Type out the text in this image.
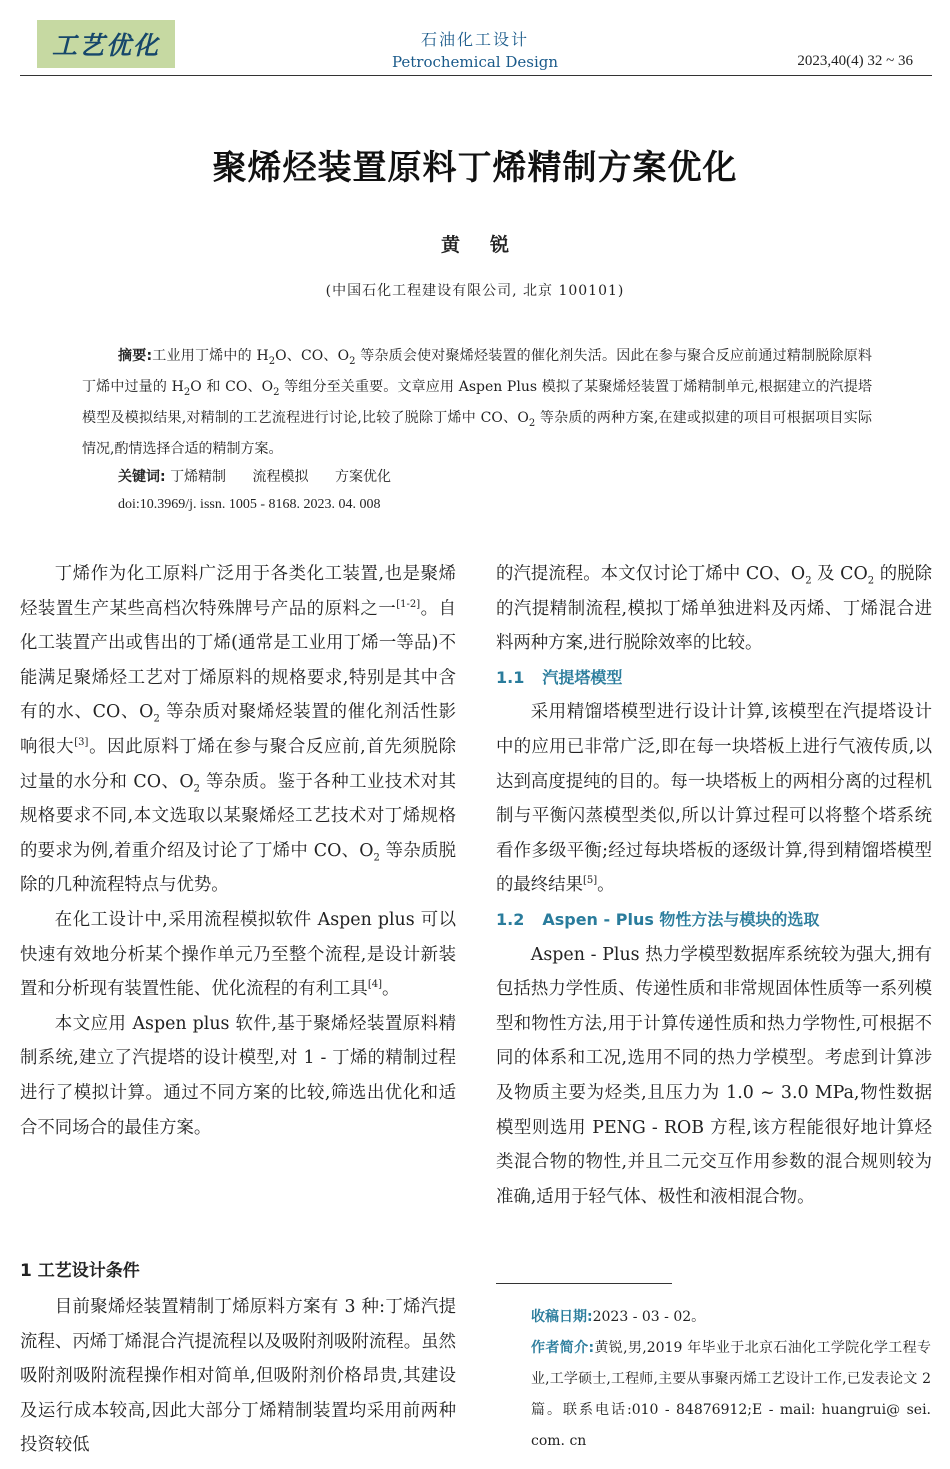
工艺优化	石油化工设计
Petrochemical Design	2023,40(4) 32 ~ 36
聚烯烃装置原料丁烯精制方案优化
黄锐
(中国石化工程建设有限公司, 北京 100101)
摘要:工业用丁烯中的 $H_2O$、CO、$O_2$ 等杂质会使对聚烯烃装置的催化剂失活。因此在参与聚合反应前通过精制脱除原料丁烯中过量的 $H_2O$ 和 CO、$O_2$ 等组分至关重要。文章应用 Aspen Plus 模拟了某聚烯烃装置丁烯精制单元,根据建立的汽提塔模型及模拟结果,对精制的工艺流程进行讨论,比较了脱除丁烯中 CO、$O_2$ 等杂质的两种方案,在建或拟建的项目可根据项目实际情况,酌情选择合适的精制方案。
关键词: 丁烯精制 流程模拟 方案优化
doi:10.3969/j. issn. 1005 - 8168. 2023. 04. 008

丁烯作为化工原料广泛用于各类化工装置,也是聚烯烃装置生产某些高档次特殊牌号产品的原料之一[1-2]。自化工装置产出或售出的丁烯(通常是工业用丁烯一等品)不能满足聚烯烃工艺对丁烯原料的规格要求,特别是其中含有的水、CO、$O_2$ 等杂质对聚烯烃装置的催化剂活性影响很大[3]。因此原料丁烯在参与聚合反应前,首先须脱除过量的水分和 CO、$O_2$ 等杂质。鉴于各种工业技术对其规格要求不同,本文选取以某聚烯烃工艺技术对丁烯规格的要求为例,着重介绍及讨论了丁烯中 CO、$O_2$ 等杂质脱除的几种流程特点与优势。

在化工设计中,采用流程模拟软件 Aspen plus 可以快速有效地分析某个操作单元乃至整个流程,是设计新装置和分析现有装置性能、优化流程的有利工具[4]。

本文应用 Aspen plus 软件,基于聚烯烃装置原料精制系统,建立了汽提塔的设计模型,对 1 - 丁烯的精制过程进行了模拟计算。通过不同方案的比较,筛选出优化和适合不同场合的最佳方案。

1 工艺设计条件

目前聚烯烃装置精制丁烯原料方案有 3 种:丁烯汽提流程、丙烯丁烯混合汽提流程以及吸附剂吸附流程。虽然吸附剂吸附流程操作相对简单,但吸附剂价格昂贵,其建设及运行成本较高,因此大部分丁烯精制装置均采用前两种投资较低

的汽提流程。本文仅讨论丁烯中 CO、$O_2$ 及 $CO_2$ 的脱除的汽提精制流程,模拟丁烯单独进料及丙烯、丁烯混合进料两种方案,进行脱除效率的比较。

1.1 汽提塔模型

采用精馏塔模型进行设计计算,该模型在汽提塔设计中的应用已非常广泛,即在每一块塔板上进行气液传质,以达到高度提纯的目的。每一块塔板上的两相分离的过程机制与平衡闪蒸模型类似,所以计算过程可以将整个塔系统看作多级平衡;经过每块塔板的逐级计算,得到精馏塔模型的最终结果[5]。

1.2 Aspen - Plus 物性方法与模块的选取

Aspen - Plus 热力学模型数据库系统较为强大,拥有包括热力学性质、传递性质和非常规固体性质等一系列模型和物性方法,用于计算传递性质和热力学物性,可根据不同的体系和工况,选用不同的热力学模型。考虑到计算涉及物质主要为烃类,且压力为 1.0 ~ 3.0 MPa,物性数据模型则选用 PENG - ROB 方程,该方程能很好地计算烃类混合物的物性,并且二元交互作用参数的混合规则较为准确,适用于轻气体、极性和液相混合物。

收稿日期:2023 - 03 - 02。

作者简介:黄锐,男,2019 年毕业于北京石油化工学院化学工程专业,工学硕士,工程师,主要从事聚丙烯工艺设计工作,已发表论文 2 篇。联系电话:010 - 84876912;E - mail: huangrui@ sei. com. cn
